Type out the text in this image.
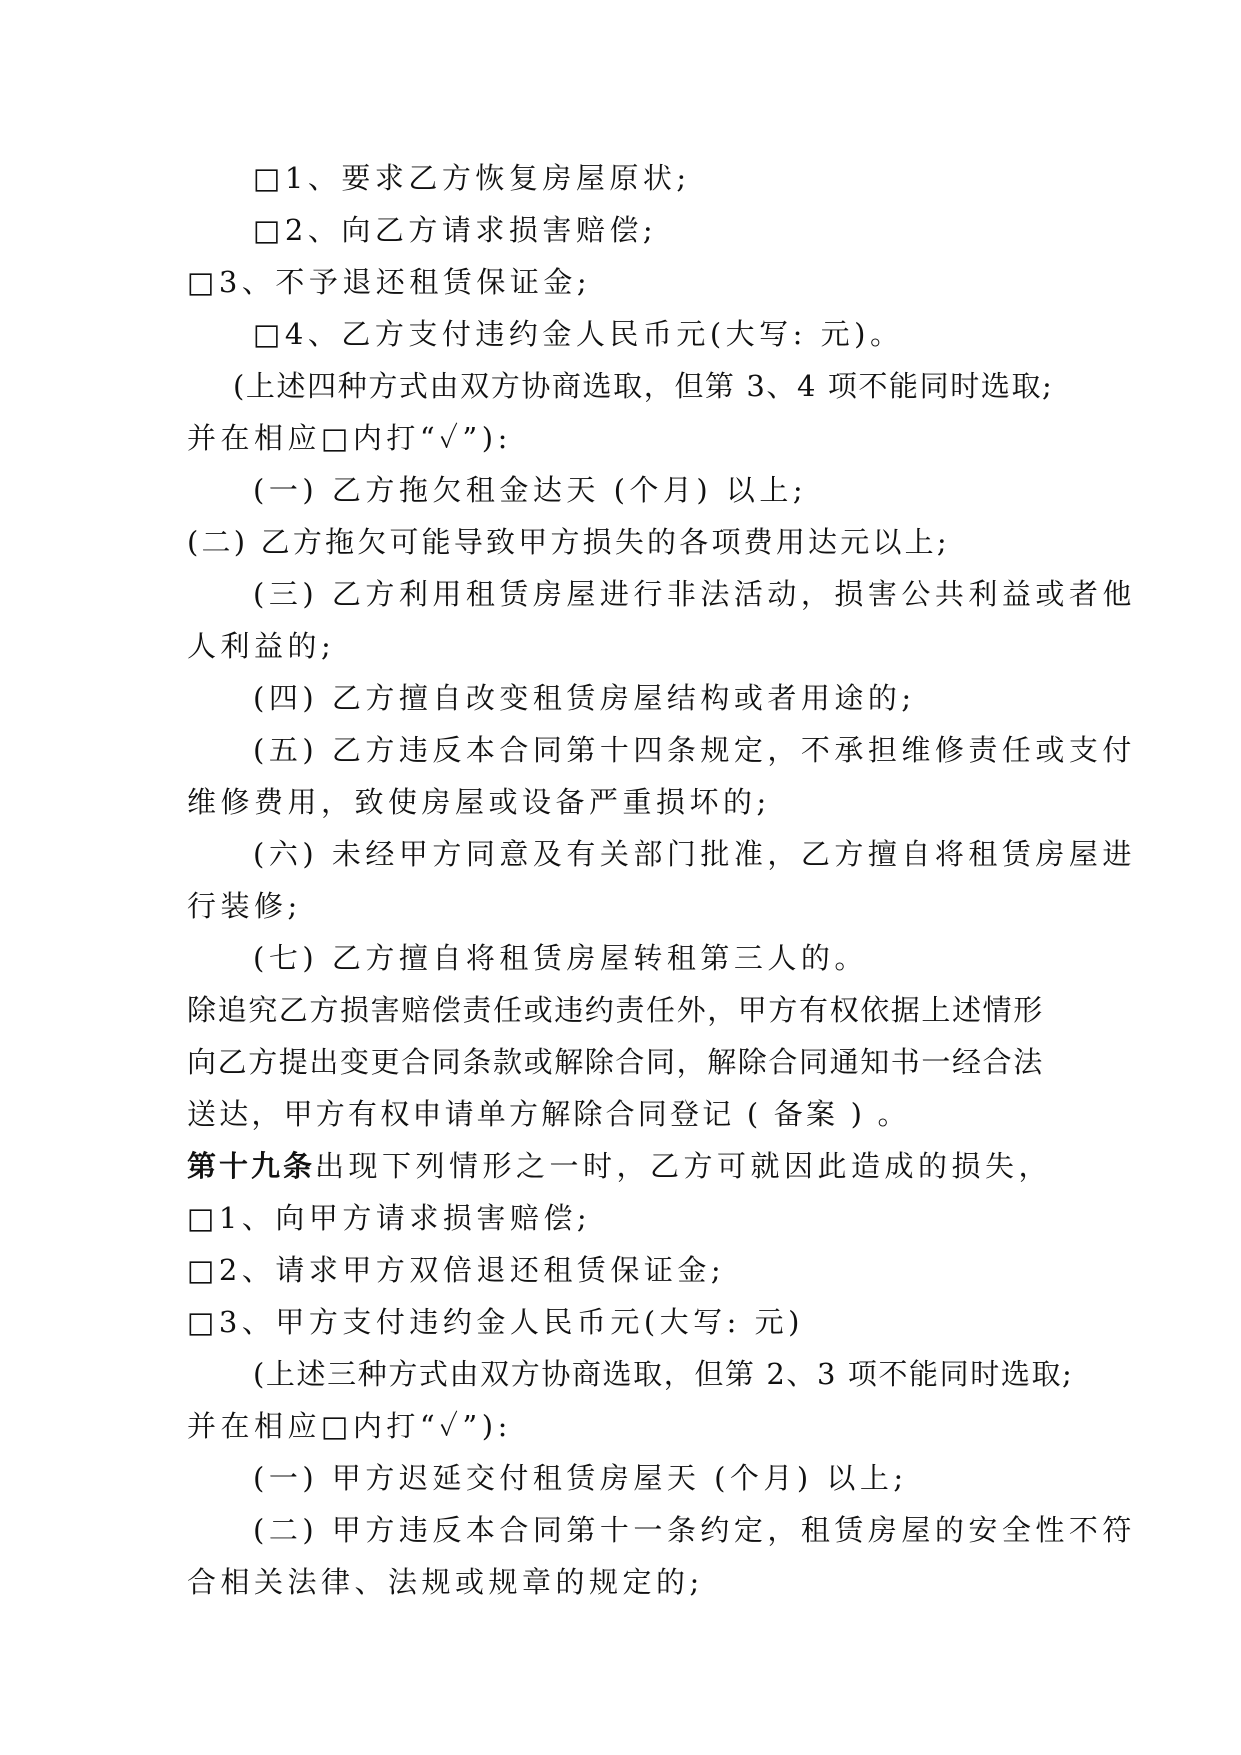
□1、要求乙方恢复房屋原状;
□2、向乙方请求损害赔偿;
□3、不予退还租赁保证金;
□4、乙方支付违约金人民币元(大写: 元)。
(上述四种方式由双方协商选取，但第 3、4 项不能同时选取;
并在相应□内打“✓”):
(一) 乙方拖欠租金达天 (个月) 以上;
(二) 乙方拖欠可能导致甲方损失的各项费用达元以上;
(三) 乙方利用租赁房屋进行非法活动，损害公共利益或者他
人利益的;
(四) 乙方擅自改变租赁房屋结构或者用途的;
(五) 乙方违反本合同第十四条规定，不承担维修责任或支付
维修费用，致使房屋或设备严重损坏的;
(六) 未经甲方同意及有关部门批准，乙方擅自将租赁房屋进
行装修;
(七) 乙方擅自将租赁房屋转租第三人的。
除追究乙方损害赔偿责任或违约责任外，甲方有权依据上述情形
向乙方提出变更合同条款或解除合同，解除合同通知书一经合法
送达，甲方有权申请单方解除合同登记 ( 备案 ) 。
第十九条出现下列情形之一时，乙方可就因此造成的损失，
□1、向甲方请求损害赔偿;
□2、请求甲方双倍退还租赁保证金;
□3、甲方支付违约金人民币元(大写: 元)
(上述三种方式由双方协商选取，但第 2、3 项不能同时选取;
并在相应□内打“✓”):
(一) 甲方迟延交付租赁房屋天 (个月) 以上;
(二) 甲方违反本合同第十一条约定，租赁房屋的安全性不符
合相关法律、法规或规章的规定的;
